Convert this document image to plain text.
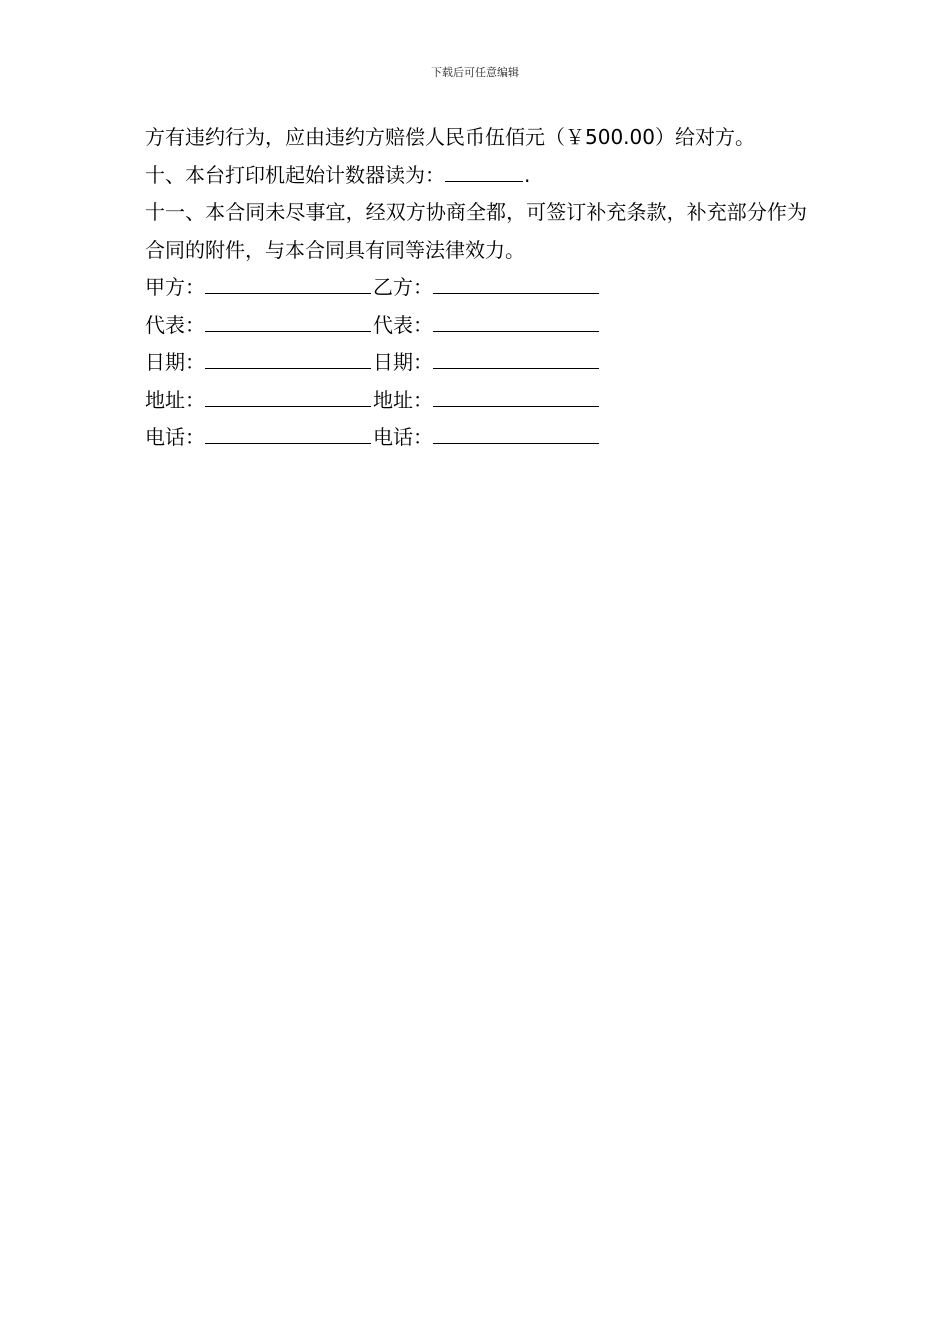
下载后可任意编辑

方有违约行为，应由违约方赔偿人民币伍佰元（￥500.00）给对方。

十、本台打印机起始计数器读为：	.

十一、本合同未尽事宜，经双方协商全都，可签订补充条款，补充部分作为合同的附件，与本合同具有同等法律效力。

甲方：	乙方：
代表：	代表：
日期：	日期：
地址：	地址：
电话：	电话：
